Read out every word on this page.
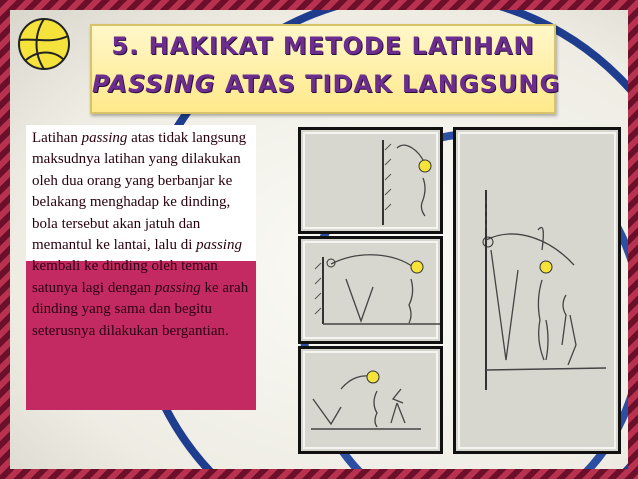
5. HAKIKAT METODE LATIHAN
PASSING ATAS TIDAK LANGSUNG

Latihan passing atas tidak langsung maksudnya latihan yang dilakukan oleh dua orang yang berbanjar ke belakang menghadap ke dinding, bola tersebut akan jatuh dan memantul ke lantai, lalu di passing kembali ke dinding oleh teman satunya lagi dengan passing ke arah dinding yang sama dan begitu seterusnya dilakukan bergantian.
